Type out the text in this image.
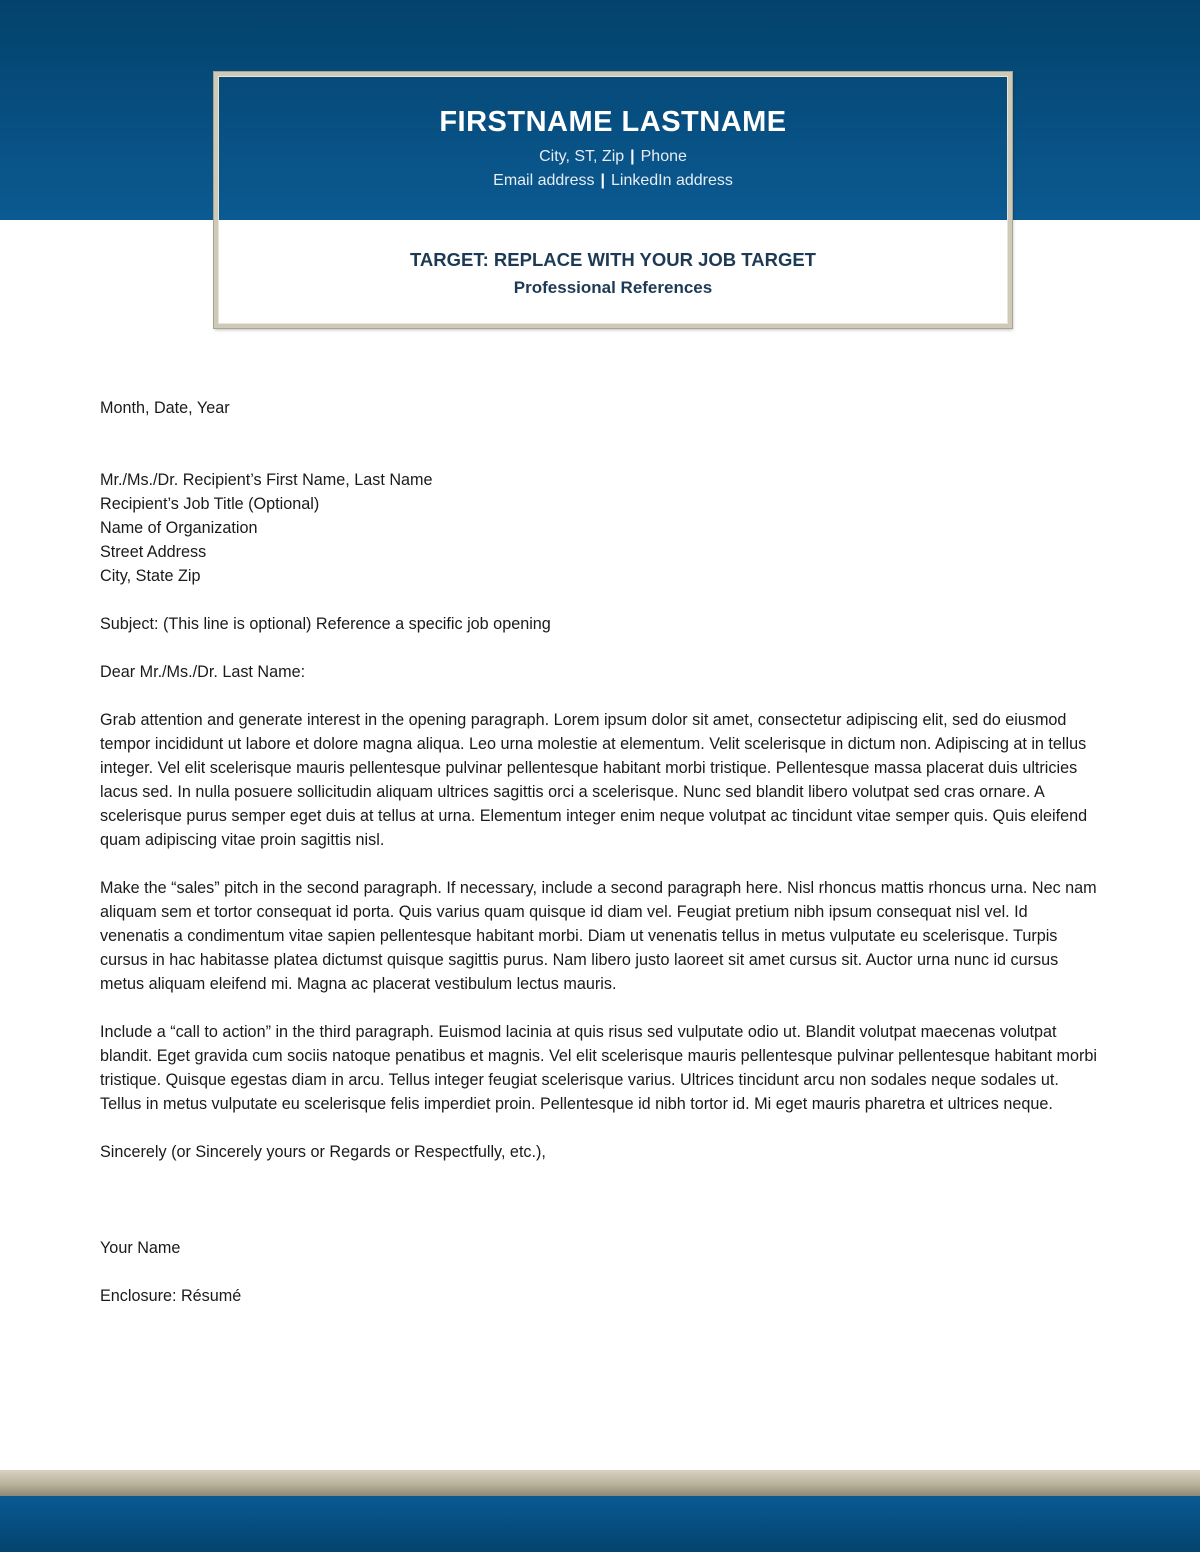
FIRSTNAME LASTNAME
City, ST, Zip | Phone
Email address | LinkedIn address
TARGET: REPLACE WITH YOUR JOB TARGET
Professional References

Month, Date, Year

Mr./Ms./Dr. Recipient’s First Name, Last Name

Recipient’s Job Title (Optional)

Name of Organization

Street Address

City, State Zip

Subject: (This line is optional) Reference a specific job opening

Dear Mr./Ms./Dr. Last Name:

Grab attention and generate interest in the opening paragraph. Lorem ipsum dolor sit amet, consectetur adipiscing elit, sed do eiusmod tempor incididunt ut labore et dolore magna aliqua. Leo urna molestie at elementum. Velit scelerisque in dictum non. Adipiscing at in tellus integer. Vel elit scelerisque mauris pellentesque pulvinar pellentesque habitant morbi tristique. Pellentesque massa placerat duis ultricies lacus sed. In nulla posuere sollicitudin aliquam ultrices sagittis orci a scelerisque. Nunc sed blandit libero volutpat sed cras ornare. A scelerisque purus semper eget duis at tellus at urna. Elementum integer enim neque volutpat ac tincidunt vitae semper quis. Quis eleifend quam adipiscing vitae proin sagittis nisl.

Make the “sales” pitch in the second paragraph. If necessary, include a second paragraph here. Nisl rhoncus mattis rhoncus urna. Nec nam aliquam sem et tortor consequat id porta. Quis varius quam quisque id diam vel. Feugiat pretium nibh ipsum consequat nisl vel. Id venenatis a condimentum vitae sapien pellentesque habitant morbi. Diam ut venenatis tellus in metus vulputate eu scelerisque. Turpis cursus in hac habitasse platea dictumst quisque sagittis purus. Nam libero justo laoreet sit amet cursus sit. Auctor urna nunc id cursus metus aliquam eleifend mi. Magna ac placerat vestibulum lectus mauris.

Include a “call to action” in the third paragraph. Euismod lacinia at quis risus sed vulputate odio ut. Blandit volutpat maecenas volutpat blandit. Eget gravida cum sociis natoque penatibus et magnis. Vel elit scelerisque mauris pellentesque pulvinar pellentesque habitant morbi tristique. Quisque egestas diam in arcu. Tellus integer feugiat scelerisque varius. Ultrices tincidunt arcu non sodales neque sodales ut. Tellus in metus vulputate eu scelerisque felis imperdiet proin. Pellentesque id nibh tortor id. Mi eget mauris pharetra et ultrices neque.

Sincerely (or Sincerely yours or Regards or Respectfully, etc.),

Your Name

Enclosure: Résumé
